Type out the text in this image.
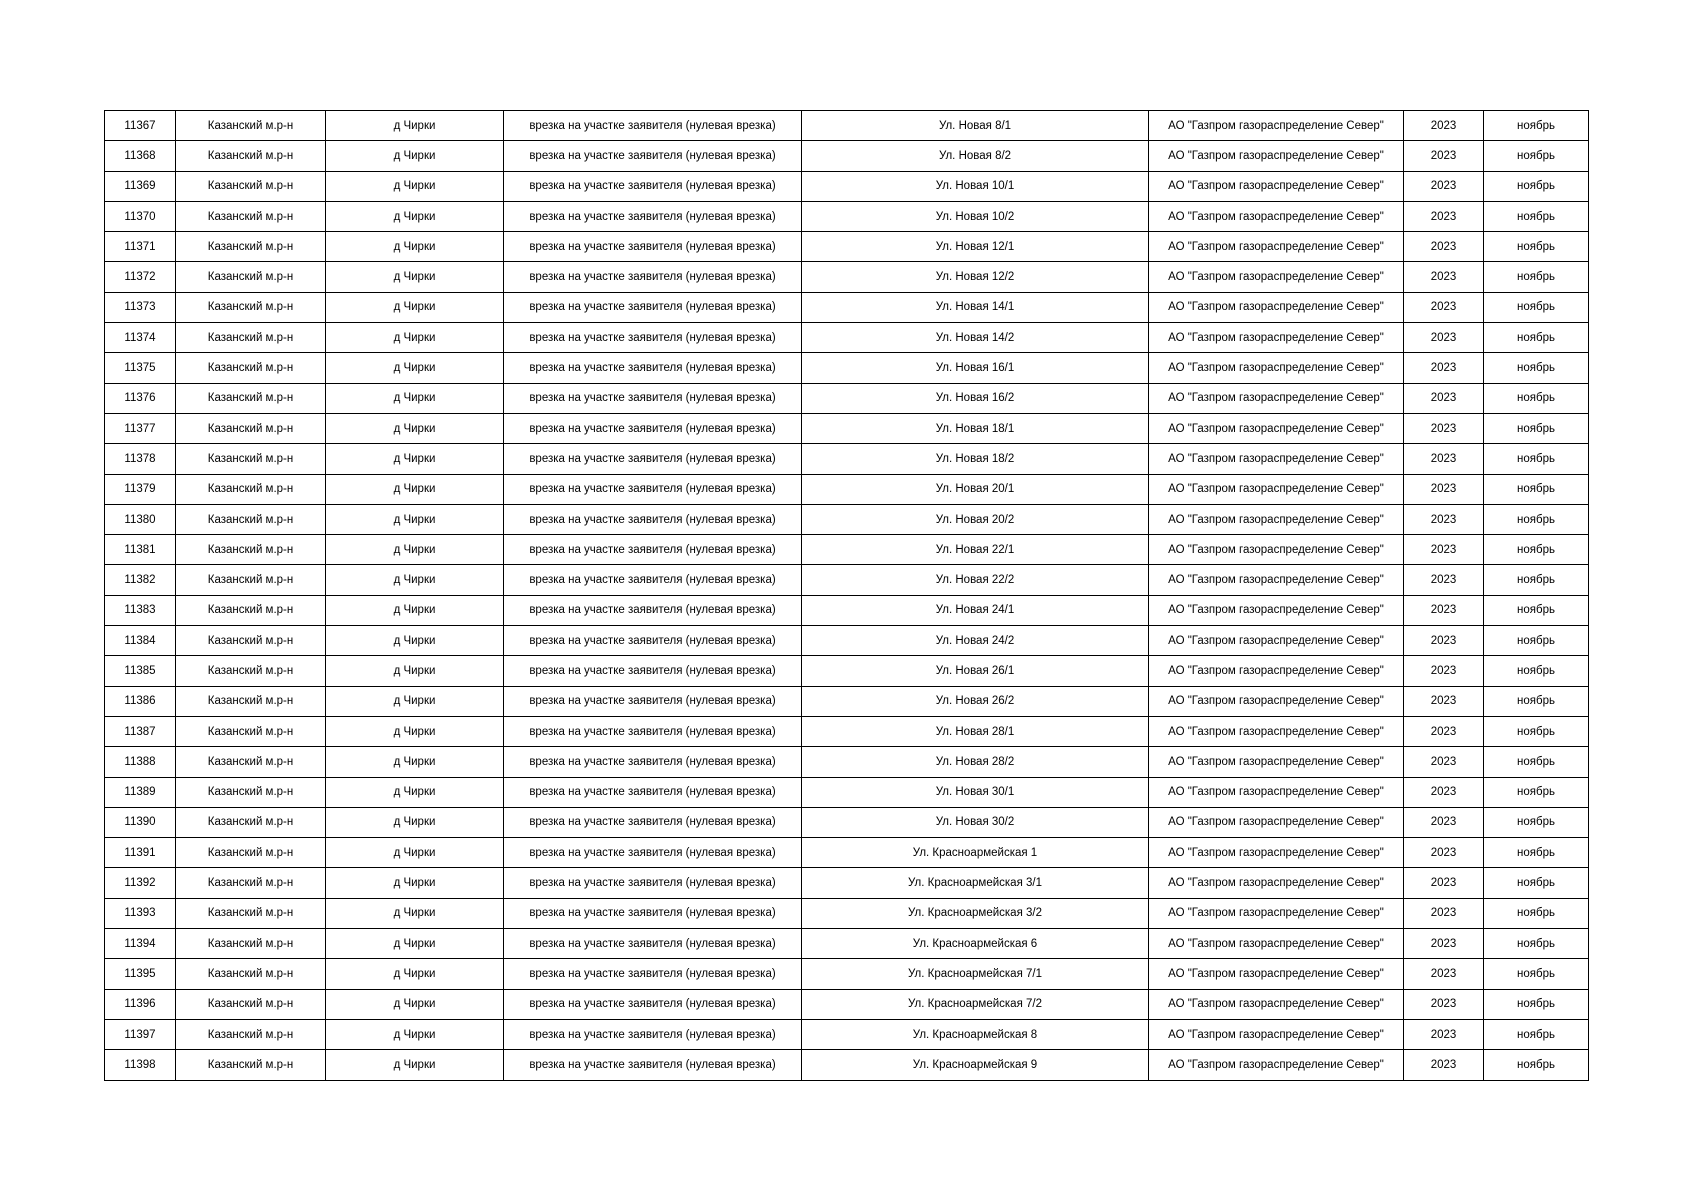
11367	Казанский м.р-н	д Чирки	врезка на участке заявителя (нулевая врезка)	Ул. Новая 8/1	АО "Газпром газораспределение Север"	2023	ноябрь
11368	Казанский м.р-н	д Чирки	врезка на участке заявителя (нулевая врезка)	Ул. Новая 8/2	АО "Газпром газораспределение Север"	2023	ноябрь
11369	Казанский м.р-н	д Чирки	врезка на участке заявителя (нулевая врезка)	Ул. Новая 10/1	АО "Газпром газораспределение Север"	2023	ноябрь
11370	Казанский м.р-н	д Чирки	врезка на участке заявителя (нулевая врезка)	Ул. Новая 10/2	АО "Газпром газораспределение Север"	2023	ноябрь
11371	Казанский м.р-н	д Чирки	врезка на участке заявителя (нулевая врезка)	Ул. Новая 12/1	АО "Газпром газораспределение Север"	2023	ноябрь
11372	Казанский м.р-н	д Чирки	врезка на участке заявителя (нулевая врезка)	Ул. Новая 12/2	АО "Газпром газораспределение Север"	2023	ноябрь
11373	Казанский м.р-н	д Чирки	врезка на участке заявителя (нулевая врезка)	Ул. Новая 14/1	АО "Газпром газораспределение Север"	2023	ноябрь
11374	Казанский м.р-н	д Чирки	врезка на участке заявителя (нулевая врезка)	Ул. Новая 14/2	АО "Газпром газораспределение Север"	2023	ноябрь
11375	Казанский м.р-н	д Чирки	врезка на участке заявителя (нулевая врезка)	Ул. Новая 16/1	АО "Газпром газораспределение Север"	2023	ноябрь
11376	Казанский м.р-н	д Чирки	врезка на участке заявителя (нулевая врезка)	Ул. Новая 16/2	АО "Газпром газораспределение Север"	2023	ноябрь
11377	Казанский м.р-н	д Чирки	врезка на участке заявителя (нулевая врезка)	Ул. Новая 18/1	АО "Газпром газораспределение Север"	2023	ноябрь
11378	Казанский м.р-н	д Чирки	врезка на участке заявителя (нулевая врезка)	Ул. Новая 18/2	АО "Газпром газораспределение Север"	2023	ноябрь
11379	Казанский м.р-н	д Чирки	врезка на участке заявителя (нулевая врезка)	Ул. Новая 20/1	АО "Газпром газораспределение Север"	2023	ноябрь
11380	Казанский м.р-н	д Чирки	врезка на участке заявителя (нулевая врезка)	Ул. Новая 20/2	АО "Газпром газораспределение Север"	2023	ноябрь
11381	Казанский м.р-н	д Чирки	врезка на участке заявителя (нулевая врезка)	Ул. Новая 22/1	АО "Газпром газораспределение Север"	2023	ноябрь
11382	Казанский м.р-н	д Чирки	врезка на участке заявителя (нулевая врезка)	Ул. Новая 22/2	АО "Газпром газораспределение Север"	2023	ноябрь
11383	Казанский м.р-н	д Чирки	врезка на участке заявителя (нулевая врезка)	Ул. Новая 24/1	АО "Газпром газораспределение Север"	2023	ноябрь
11384	Казанский м.р-н	д Чирки	врезка на участке заявителя (нулевая врезка)	Ул. Новая 24/2	АО "Газпром газораспределение Север"	2023	ноябрь
11385	Казанский м.р-н	д Чирки	врезка на участке заявителя (нулевая врезка)	Ул. Новая 26/1	АО "Газпром газораспределение Север"	2023	ноябрь
11386	Казанский м.р-н	д Чирки	врезка на участке заявителя (нулевая врезка)	Ул. Новая 26/2	АО "Газпром газораспределение Север"	2023	ноябрь
11387	Казанский м.р-н	д Чирки	врезка на участке заявителя (нулевая врезка)	Ул. Новая 28/1	АО "Газпром газораспределение Север"	2023	ноябрь
11388	Казанский м.р-н	д Чирки	врезка на участке заявителя (нулевая врезка)	Ул. Новая 28/2	АО "Газпром газораспределение Север"	2023	ноябрь
11389	Казанский м.р-н	д Чирки	врезка на участке заявителя (нулевая врезка)	Ул. Новая 30/1	АО "Газпром газораспределение Север"	2023	ноябрь
11390	Казанский м.р-н	д Чирки	врезка на участке заявителя (нулевая врезка)	Ул. Новая 30/2	АО "Газпром газораспределение Север"	2023	ноябрь
11391	Казанский м.р-н	д Чирки	врезка на участке заявителя (нулевая врезка)	Ул. Красноармейская 1	АО "Газпром газораспределение Север"	2023	ноябрь
11392	Казанский м.р-н	д Чирки	врезка на участке заявителя (нулевая врезка)	Ул. Красноармейская 3/1	АО "Газпром газораспределение Север"	2023	ноябрь
11393	Казанский м.р-н	д Чирки	врезка на участке заявителя (нулевая врезка)	Ул. Красноармейская 3/2	АО "Газпром газораспределение Север"	2023	ноябрь
11394	Казанский м.р-н	д Чирки	врезка на участке заявителя (нулевая врезка)	Ул. Красноармейская 6	АО "Газпром газораспределение Север"	2023	ноябрь
11395	Казанский м.р-н	д Чирки	врезка на участке заявителя (нулевая врезка)	Ул. Красноармейская 7/1	АО "Газпром газораспределение Север"	2023	ноябрь
11396	Казанский м.р-н	д Чирки	врезка на участке заявителя (нулевая врезка)	Ул. Красноармейская 7/2	АО "Газпром газораспределение Север"	2023	ноябрь
11397	Казанский м.р-н	д Чирки	врезка на участке заявителя (нулевая врезка)	Ул. Красноармейская 8	АО "Газпром газораспределение Север"	2023	ноябрь
11398	Казанский м.р-н	д Чирки	врезка на участке заявителя (нулевая врезка)	Ул. Красноармейская 9	АО "Газпром газораспределение Север"	2023	ноябрь
